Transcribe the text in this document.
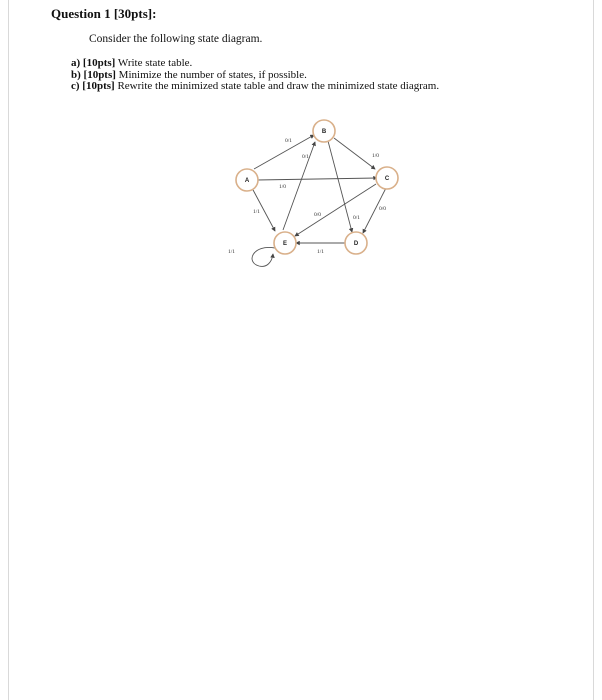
Question 1 [30pts]:
Consider the following state diagram.
a) [10pts] Write state table.
b) [10pts] Minimize the number of states, if possible.
c) [10pts] Rewrite the minimized state table and draw the minimized state diagram.
0/1
0/1	1/0
1/0
1/1	0/0
0/0
0/1
1/1
1/1
A
B
C
D
E
